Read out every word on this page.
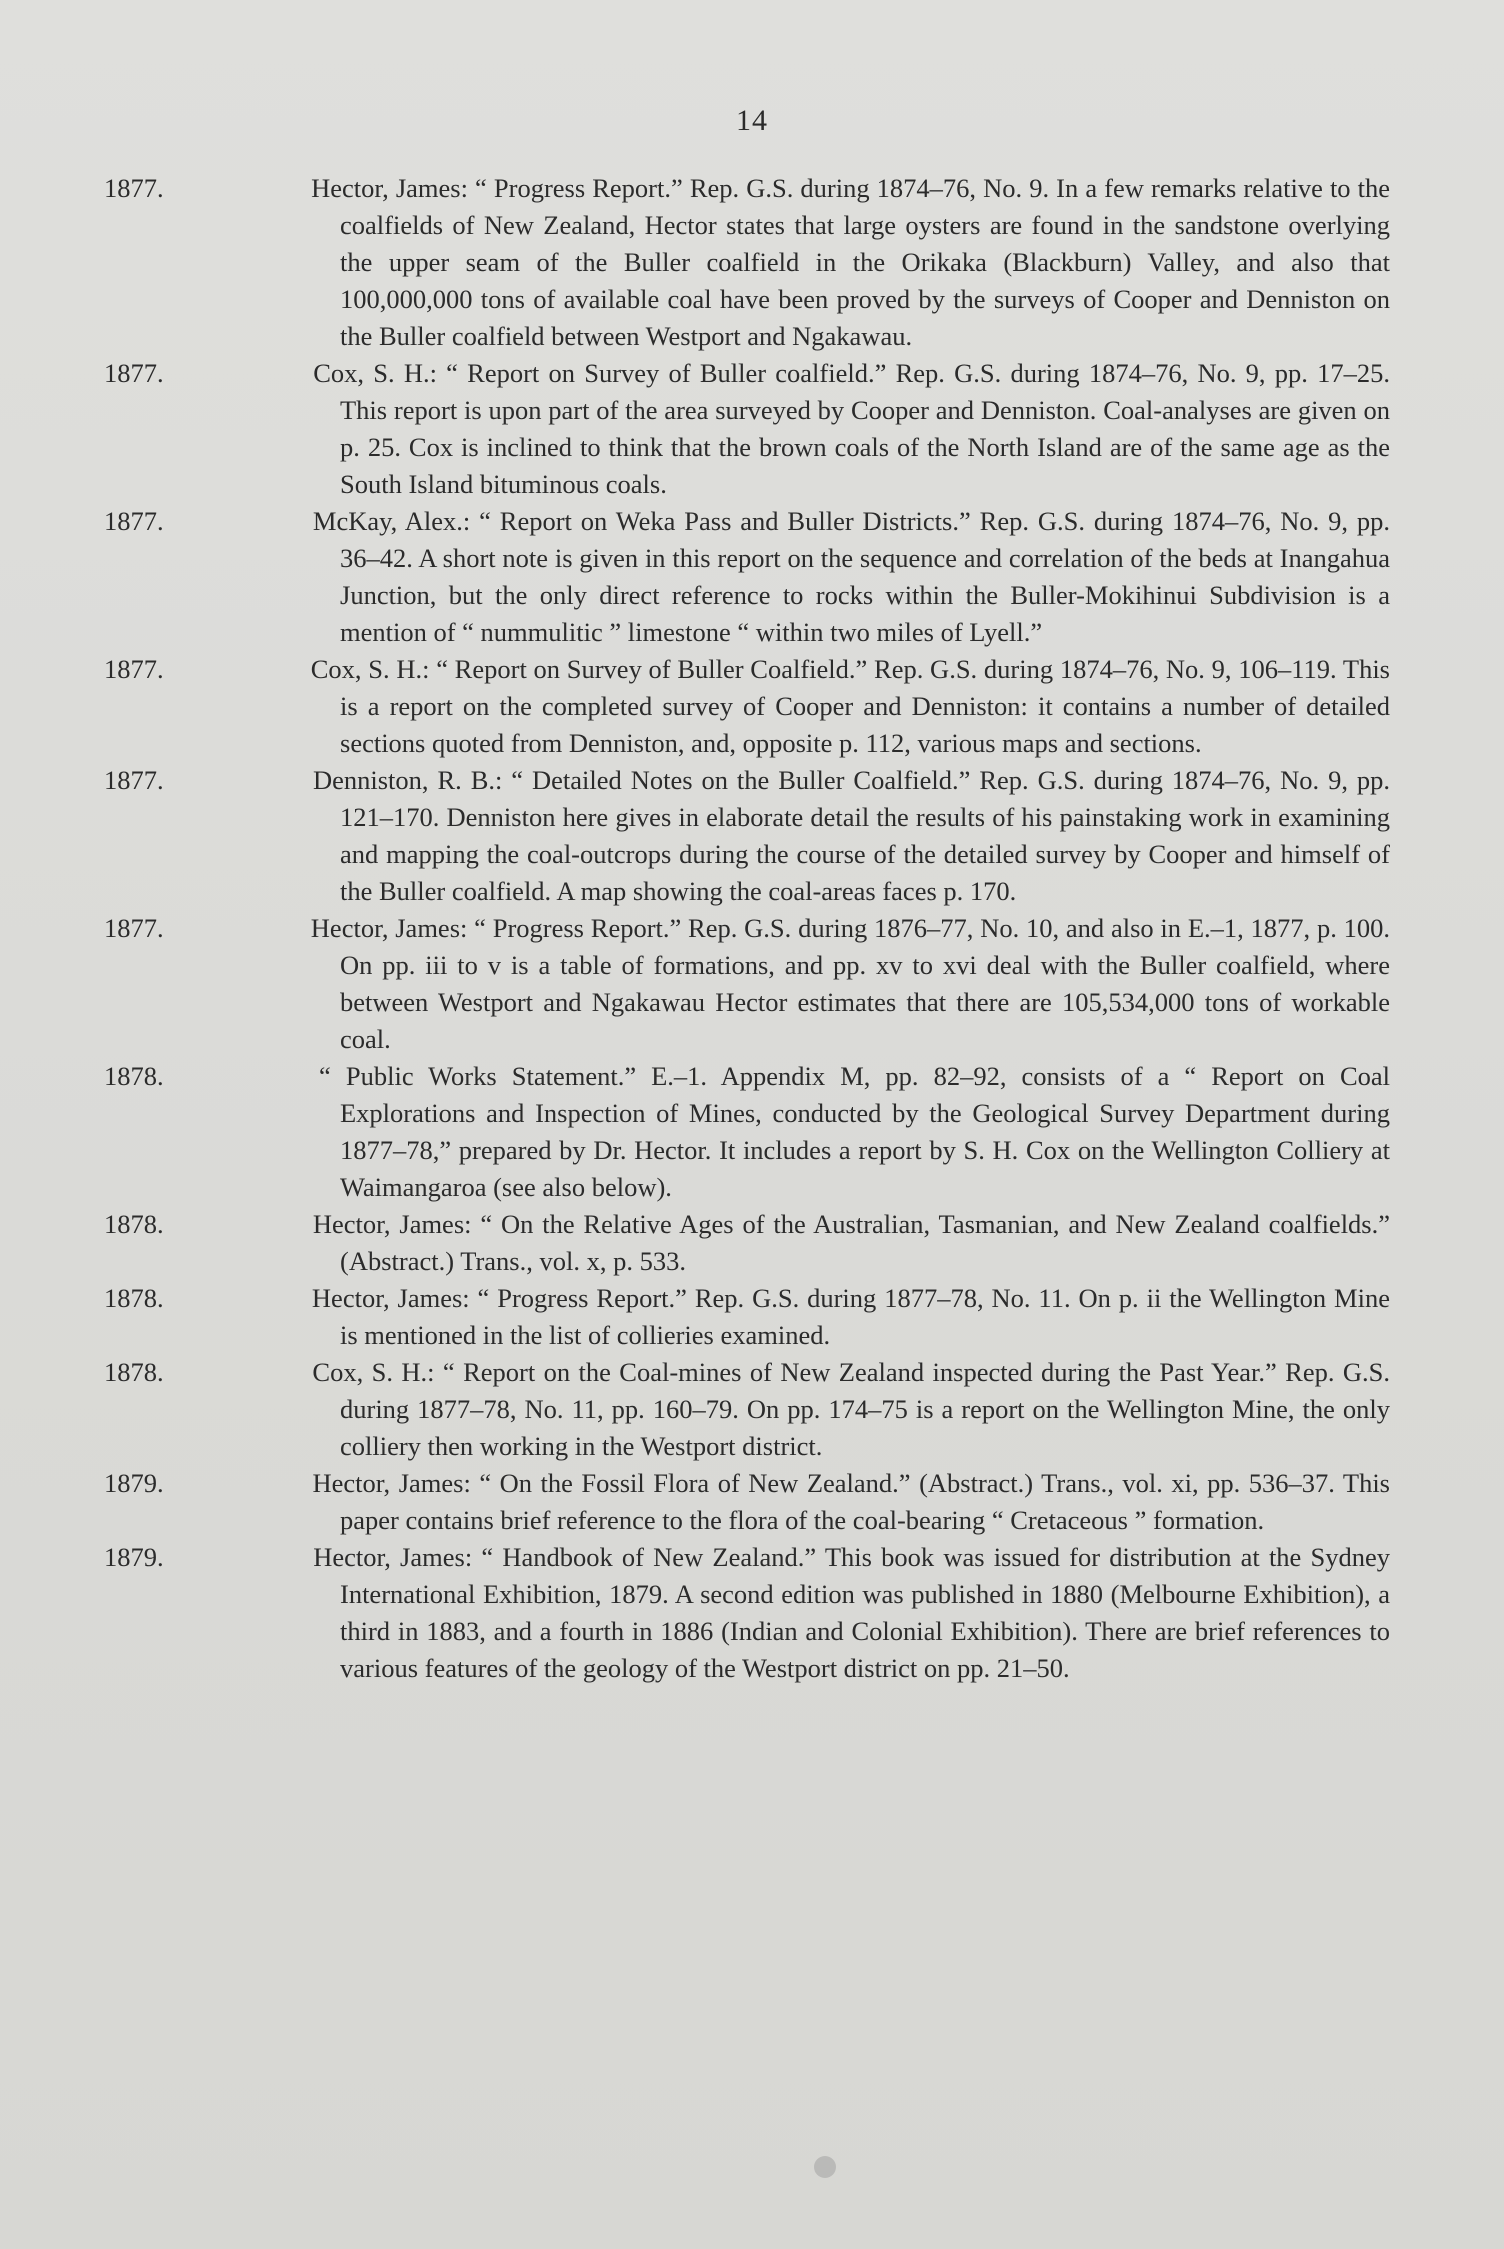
14
1877.	Hector, James: “ Progress Report.” Rep. G.S. during 1874–76, No. 9. In a few remarks relative to the coalfields of New Zealand, Hector states that large oysters are found in the sandstone overlying the upper seam of the Buller coalfield in the Orikaka (Blackburn) Valley, and also that 100,000,000 tons of available coal have been proved by the surveys of Cooper and Denniston on the Buller coalfield between Westport and Ngakawau.
1877.	Cox, S. H.: “ Report on Survey of Buller coalfield.” Rep. G.S. during 1874–76, No. 9, pp. 17–25. This report is upon part of the area surveyed by Cooper and Denniston. Coal-analyses are given on p. 25. Cox is inclined to think that the brown coals of the North Island are of the same age as the South Island bituminous coals.
1877.	McKay, Alex.: “ Report on Weka Pass and Buller Districts.” Rep. G.S. during 1874–76, No. 9, pp. 36–42. A short note is given in this report on the sequence and correlation of the beds at Inangahua Junction, but the only direct reference to rocks within the Buller-Mokihinui Subdivision is a mention of “ nummulitic ” limestone “ within two miles of Lyell.”
1877.	Cox, S. H.: “ Report on Survey of Buller Coalfield.” Rep. G.S. during 1874–76, No. 9, 106–119. This is a report on the completed survey of Cooper and Denniston: it contains a number of detailed sections quoted from Denniston, and, opposite p. 112, various maps and sections.
1877.	Denniston, R. B.: “ Detailed Notes on the Buller Coalfield.” Rep. G.S. during 1874–76, No. 9, pp. 121–170. Denniston here gives in elaborate detail the results of his painstaking work in examining and mapping the coal-outcrops during the course of the detailed survey by Cooper and himself of the Buller coalfield. A map showing the coal-areas faces p. 170.
1877.	Hector, James: “ Progress Report.” Rep. G.S. during 1876–77, No. 10, and also in E.–1, 1877, p. 100. On pp. iii to v is a table of formations, and pp. xv to xvi deal with the Buller coalfield, where between Westport and Ngakawau Hector estimates that there are 105,534,000 tons of workable coal.
1878.	“ Public Works Statement.” E.–1. Appendix M, pp. 82–92, consists of a “ Report on Coal Explorations and Inspection of Mines, conducted by the Geological Survey Department during 1877–78,” prepared by Dr. Hector. It includes a report by S. H. Cox on the Wellington Colliery at Waimangaroa (see also below).
1878.	Hector, James: “ On the Relative Ages of the Australian, Tasmanian, and New Zealand coalfields.” (Abstract.) Trans., vol. x, p. 533.
1878.	Hector, James: “ Progress Report.” Rep. G.S. during 1877–78, No. 11. On p. ii the Wellington Mine is mentioned in the list of collieries examined.
1878.	Cox, S. H.: “ Report on the Coal-mines of New Zealand inspected during the Past Year.” Rep. G.S. during 1877–78, No. 11, pp. 160–79. On pp. 174–75 is a report on the Wellington Mine, the only colliery then working in the Westport district.
1879.	Hector, James: “ On the Fossil Flora of New Zealand.” (Abstract.) Trans., vol. xi, pp. 536–37. This paper contains brief reference to the flora of the coal-bearing “ Cretaceous ” formation.
1879.	Hector, James: “ Handbook of New Zealand.” This book was issued for distribution at the Sydney International Exhibition, 1879. A second edition was published in 1880 (Melbourne Exhibition), a third in 1883, and a fourth in 1886 (Indian and Colonial Exhibition). There are brief references to various features of the geology of the Westport district on pp. 21–50.
